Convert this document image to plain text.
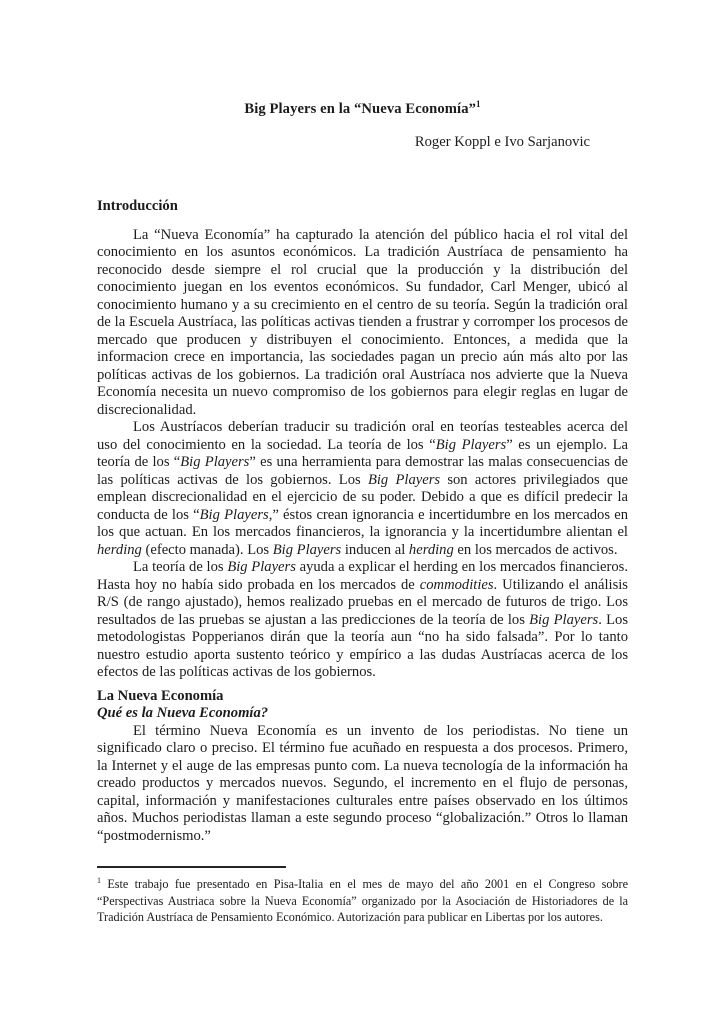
Big Players en la “Nueva Economía”$^1$
Roger Koppl e Ivo Sarjanovic
Introducción

La “Nueva Economía” ha capturado la atención del público hacia el rol vital del conocimiento en los asuntos económicos. La tradición Austríaca de pensamiento ha reconocido desde siempre el rol crucial que la producción y la distribución del conocimiento juegan en los eventos económicos. Su fundador, Carl Menger, ubicó al conocimiento humano y a su crecimiento en el centro de su teoría. Según la tradición oral de la Escuela Austríaca, las políticas activas tienden a frustrar y corromper los procesos de mercado que producen y distribuyen el conocimiento. Entonces, a medida que la informacion crece en importancia, las sociedades pagan un precio aún más alto por las políticas activas de los gobiernos. La tradición oral Austríaca nos advierte que la Nueva Economía necesita un nuevo compromiso de los gobiernos para elegir reglas en lugar de discrecionalidad.

Los Austríacos deberían traducir su tradición oral en teorías testeables acerca del uso del conocimiento en la sociedad. La teoría de los “Big Players” es un ejemplo. La teoría de los “Big Players” es una herramienta para demostrar las malas consecuencias de las políticas activas de los gobiernos. Los Big Players son actores privilegiados que emplean discrecionalidad en el ejercicio de su poder. Debido a que es difícil predecir la conducta de los “Big Players,” éstos crean ignorancia e incertidumbre en los mercados en los que actuan. En los mercados financieros, la ignorancia y la incertidumbre alientan el herding (efecto manada). Los Big Players inducen al herding en los mercados de activos.

La teoría de los Big Players ayuda a explicar el herding en los mercados financieros. Hasta hoy no había sido probada en los mercados de commodities. Utilizando el análisis R/S (de rango ajustado), hemos realizado pruebas en el mercado de futuros de trigo. Los resultados de las pruebas se ajustan a las predicciones de la teoría de los Big Players. Los metodologistas Popperianos dirán que la teoría aun “no ha sido falsada”. Por lo tanto nuestro estudio aporta sustento teórico y empírico a las dudas Austríacas acerca de los efectos de las políticas activas de los gobiernos.

La Nueva Economía
Qué es la Nueva Economía?

El término Nueva Economía es un invento de los periodistas. No tiene un significado claro o preciso. El término fue acuñado en respuesta a dos procesos. Primero, la Internet y el auge de las empresas punto com. La nueva tecnología de la información ha creado productos y mercados nuevos. Segundo, el incremento en el flujo de personas, capital, información y manifestaciones culturales entre países observado en los últimos años. Muchos periodistas llaman a este segundo proceso “globalización.” Otros lo llaman “postmodernismo.”

$^1$ Este trabajo fue presentado en Pisa-Italia en el mes de mayo del año 2001 en el Congreso sobre “Perspectivas Austriaca sobre la Nueva Economía” organizado por la Asociación de Historiadores de la Tradición Austríaca de Pensamiento Económico. Autorización para publicar en Libertas por los autores.
